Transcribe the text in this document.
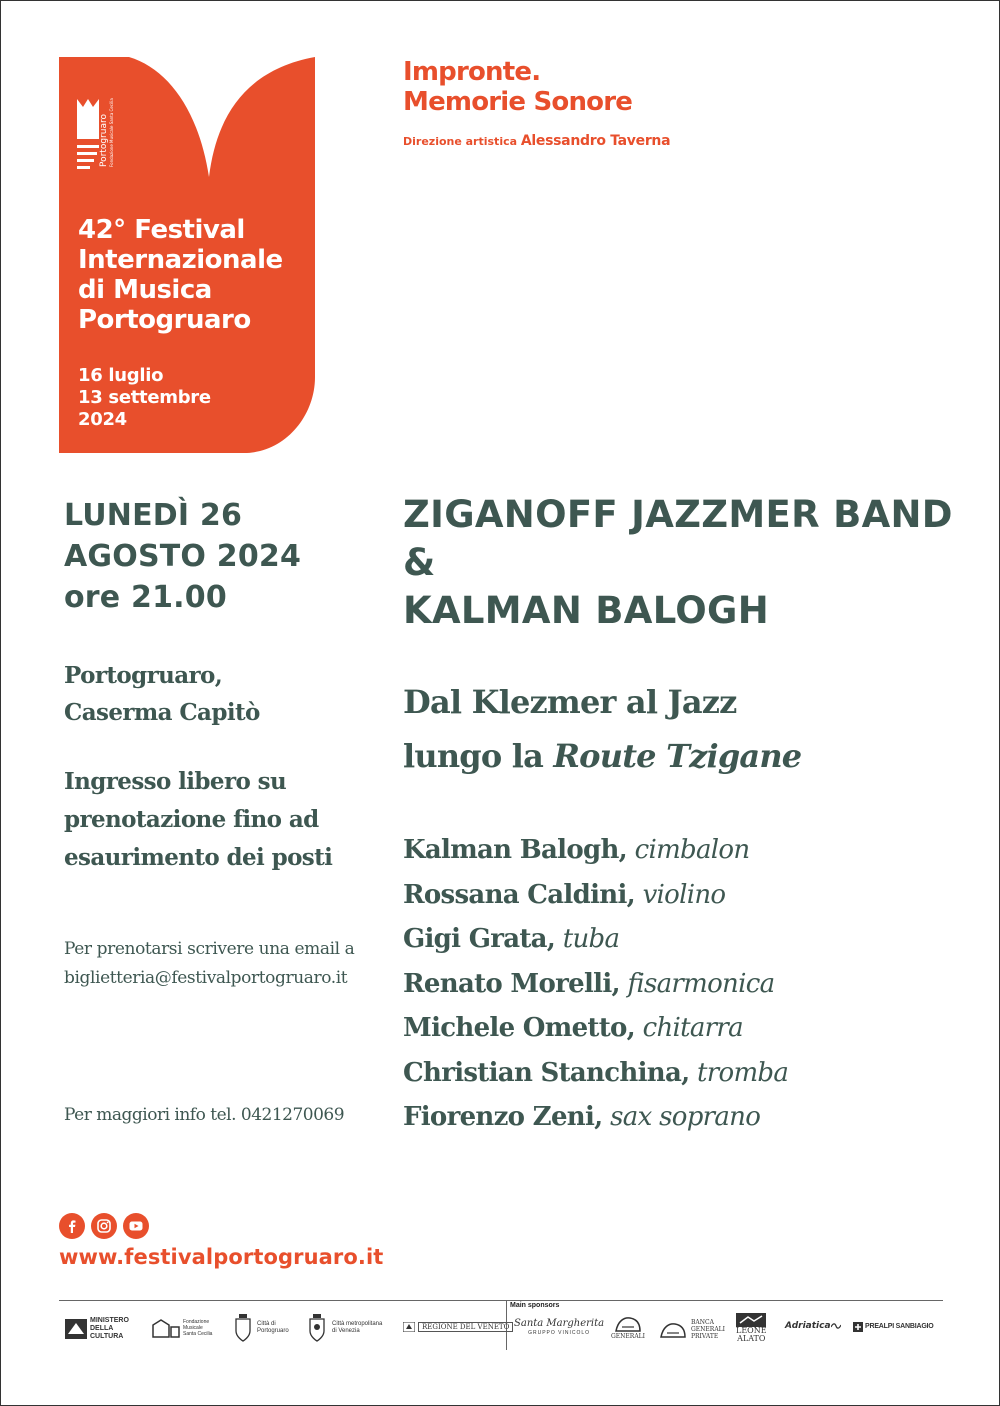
Portogruaro Fondazione Musicale Santa Cecilia
42° Festival
Internazionale
di Musica
Portogruaro
16 luglio
13 settembre
2024
Impronte.
Memorie Sonore
Direzione artistica Alessandro Taverna
LUNEDÌ 26
AGOSTO 2024
ore 21.00
Portogruaro,
Caserma Capitò
Ingresso libero su
prenotazione fino ad
esaurimento dei posti
Per prenotarsi scrivere una email a
biglietteria@festivalportogruaro.it
Per maggiori info tel. 0421270069
ZIGANOFF JAZZMER BAND
&
KALMAN BALOGH
Dal Klezmer al Jazz
lungo la Route Tzigane
Kalman Balogh, cimbalon
Rossana Caldini, violino
Gigi Grata, tuba
Renato Morelli, fisarmonica
Michele Ometto, chitarra
Christian Stanchina, tromba
Fiorenzo Zeni, sax soprano
www.festivalportogruaro.it
Main sponsors
MINISTERO
DELLA
CULTURA
Fondazione
Musicale
Santa Cecilia
Città di
Portogruaro
Città metropolitana
di Venezia	REGIONE DEL VENETO Santa Margherita
GRUPPO VINICOLO	GENERALI
BANCA
GENERALI
PRIVATE
LEONE
ALATO
Adriatica	PREALPI SANBIAGIO
